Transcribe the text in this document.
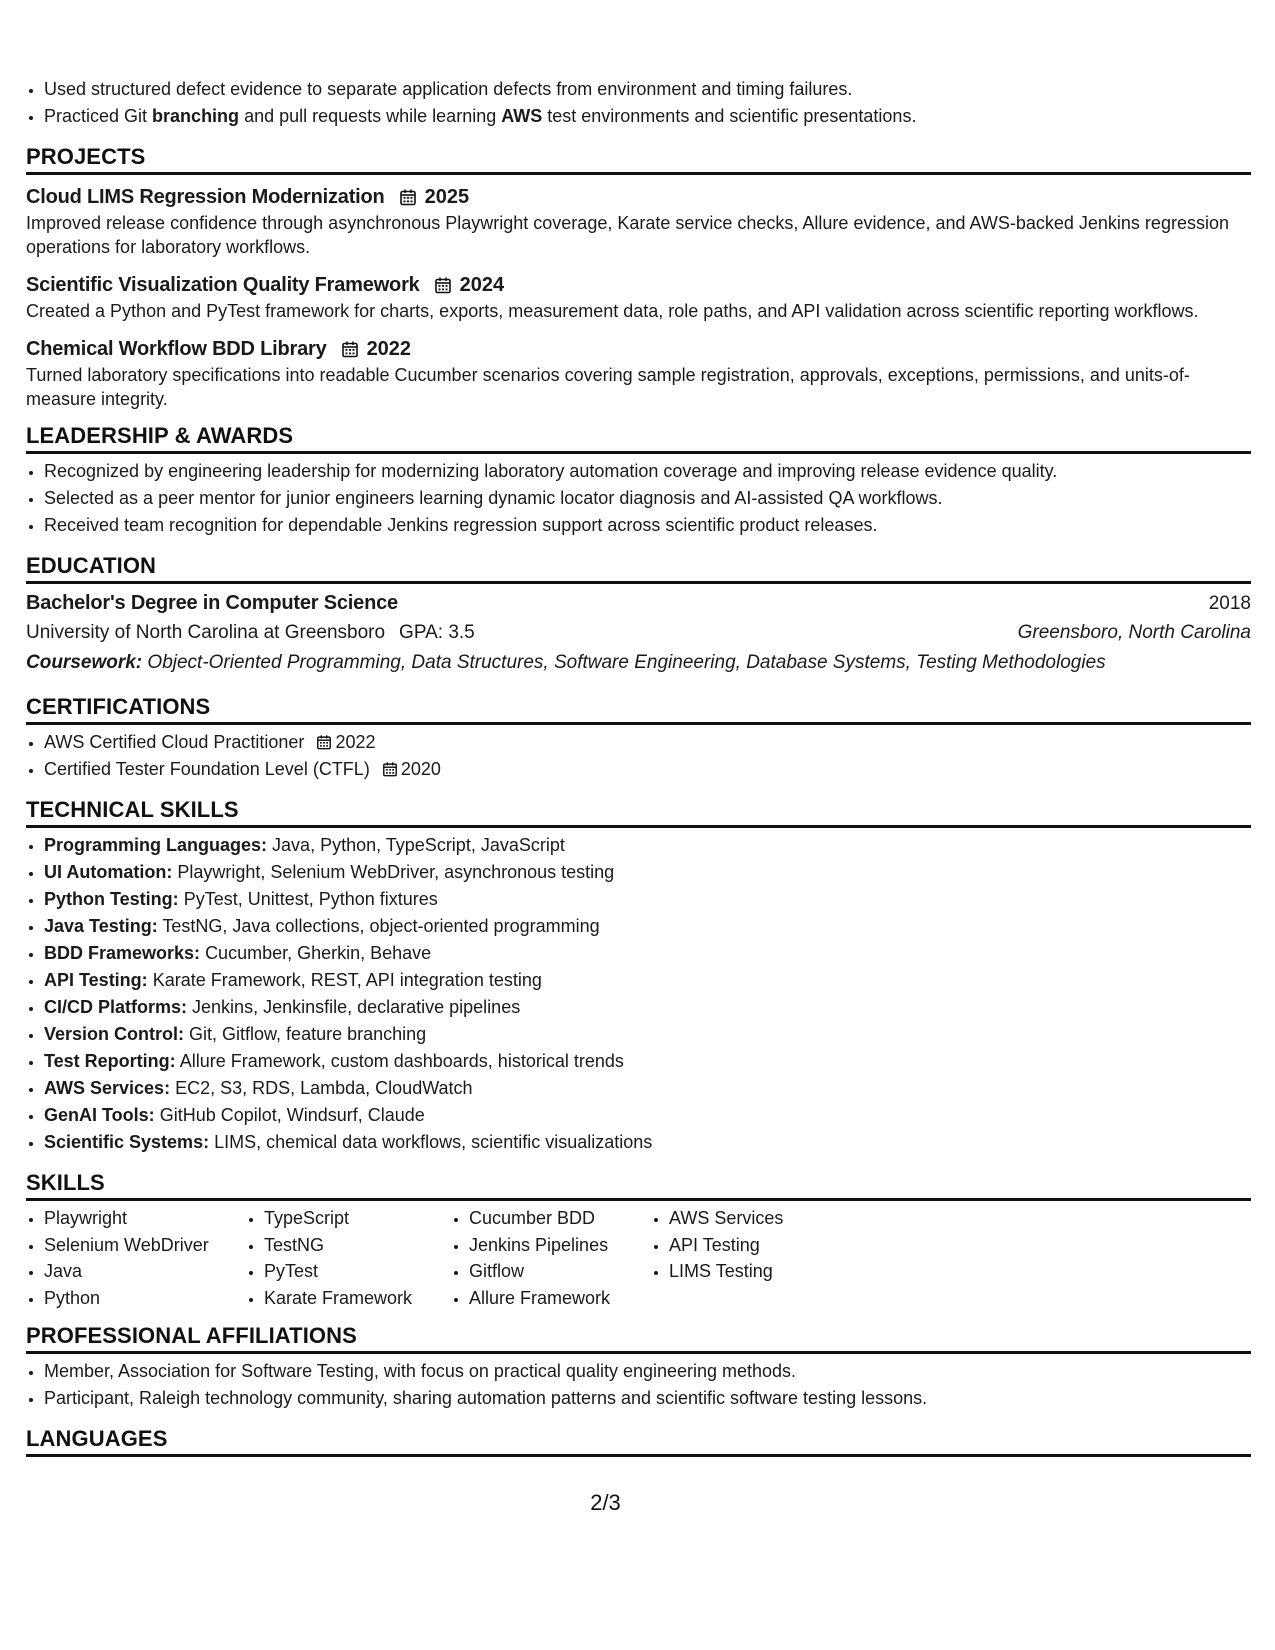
• Used structured defect evidence to separate application defects from environment and timing failures.
• Practiced Git branching and pull requests while learning AWS test environments and scientific presentations.
PROJECTS
Cloud LIMS Regression Modernization 2025
Improved release confidence through asynchronous Playwright coverage, Karate service checks, Allure evidence, and AWS-backed Jenkins regression operations for laboratory workflows.
Scientific Visualization Quality Framework 2024
Created a Python and PyTest framework for charts, exports, measurement data, role paths, and API validation across scientific reporting workflows.
Chemical Workflow BDD Library 2022
Turned laboratory specifications into readable Cucumber scenarios covering sample registration, approvals, exceptions, permissions, and units-of-measure integrity.
LEADERSHIP & AWARDS
• Recognized by engineering leadership for modernizing laboratory automation coverage and improving release evidence quality.
• Selected as a peer mentor for junior engineers learning dynamic locator diagnosis and AI-assisted QA workflows.
• Received team recognition for dependable Jenkins regression support across scientific product releases.
EDUCATION
Bachelor's Degree in Computer Science	2018
University of North Carolina at Greensboro GPA: 3.5	Greensboro, North Carolina
Coursework: Object-Oriented Programming, Data Structures, Software Engineering, Database Systems, Testing Methodologies
CERTIFICATIONS
• AWS Certified Cloud Practitioner 2022
• Certified Tester Foundation Level (CTFL) 2020
TECHNICAL SKILLS
• Programming Languages: Java, Python, TypeScript, JavaScript
• UI Automation: Playwright, Selenium WebDriver, asynchronous testing
• Python Testing: PyTest, Unittest, Python fixtures
• Java Testing: TestNG, Java collections, object-oriented programming
• BDD Frameworks: Cucumber, Gherkin, Behave
• API Testing: Karate Framework, REST, API integration testing
• CI/CD Platforms: Jenkins, Jenkinsfile, declarative pipelines
• Version Control: Git, Gitflow, feature branching
• Test Reporting: Allure Framework, custom dashboards, historical trends
• AWS Services: EC2, S3, RDS, Lambda, CloudWatch
• GenAI Tools: GitHub Copilot, Windsurf, Claude
• Scientific Systems: LIMS, chemical data workflows, scientific visualizations
SKILLS
• Playwright
• Selenium WebDriver
• Java
• Python
• TypeScript
• TestNG
• PyTest
• Karate Framework
• Cucumber BDD
• Jenkins Pipelines
• Gitflow
• Allure Framework
• AWS Services
• API Testing
• LIMS Testing
PROFESSIONAL AFFILIATIONS
• Member, Association for Software Testing, with focus on practical quality engineering methods.
• Participant, Raleigh technology community, sharing automation patterns and scientific software testing lessons.
LANGUAGES
2/3
